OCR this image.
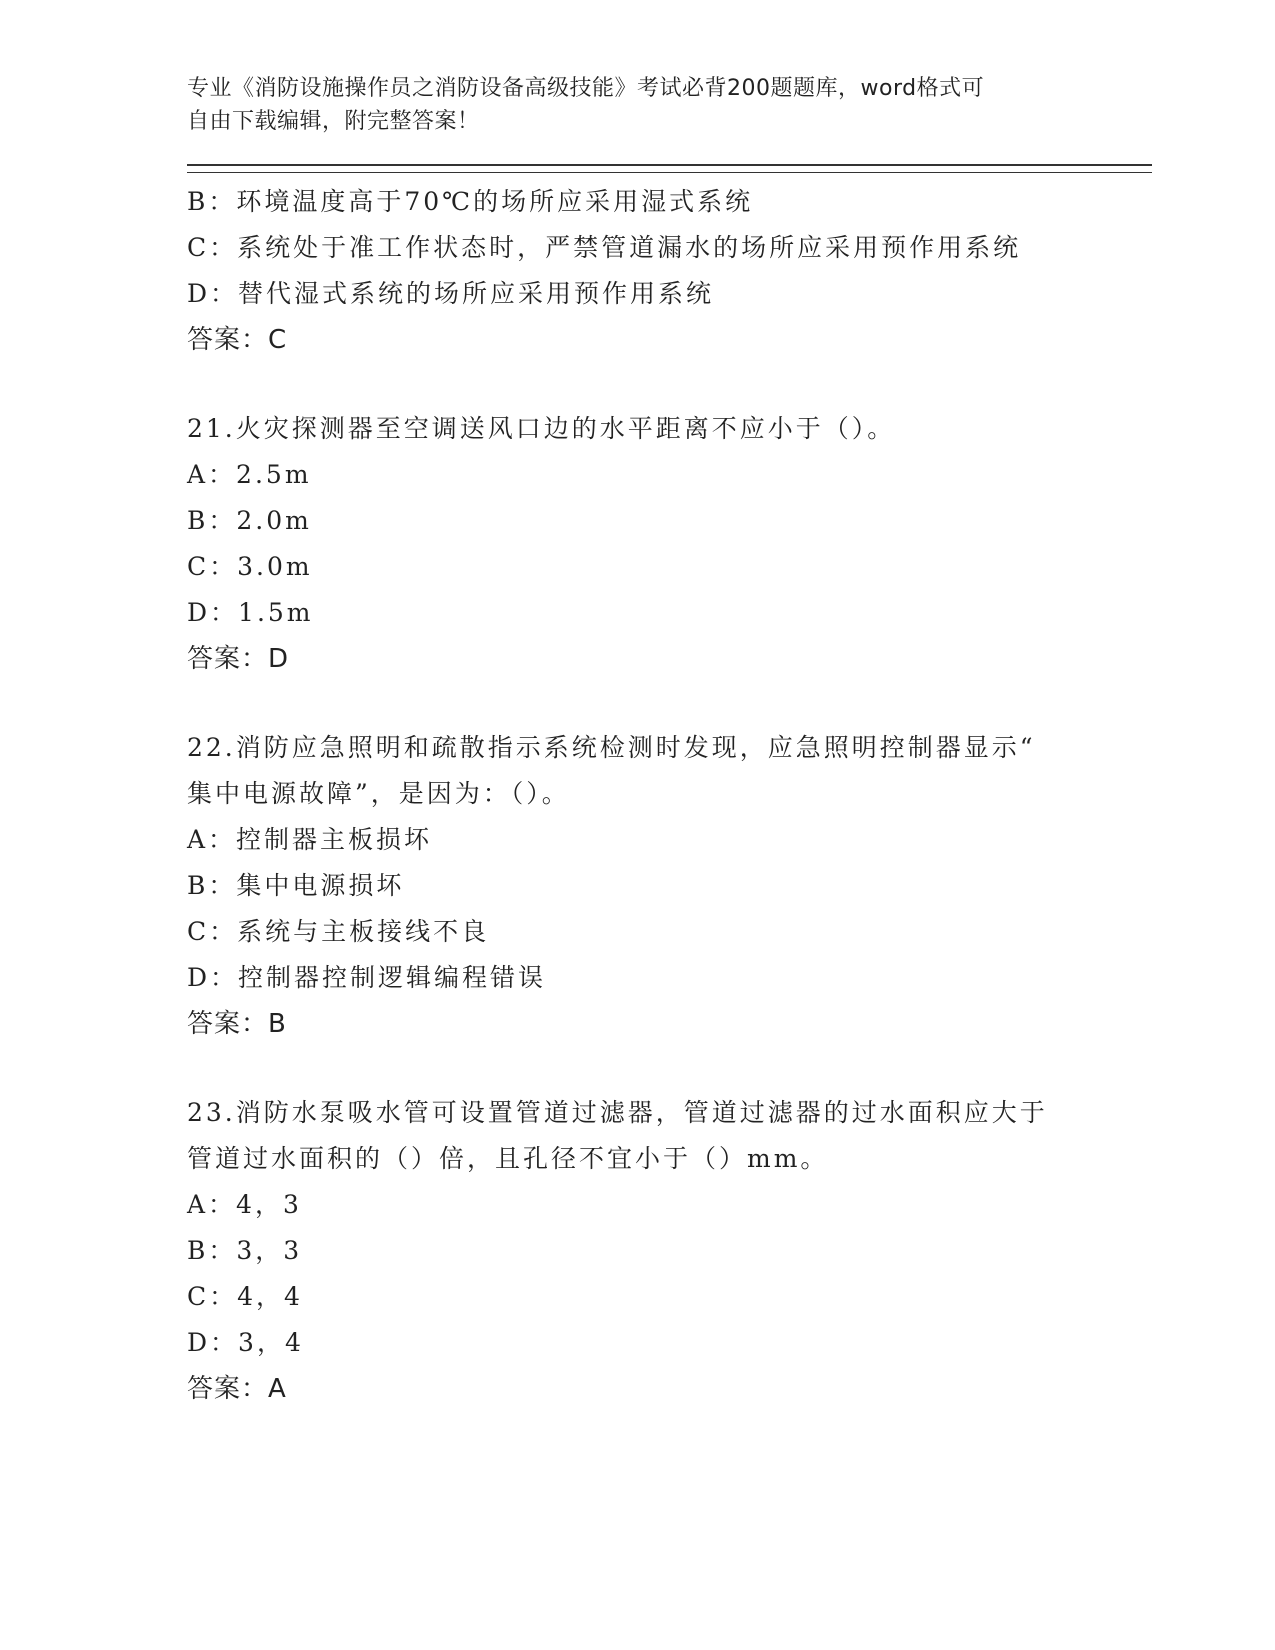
专业《消防设施操作员之消防设备高级技能》考试必背200题题库，word格式可
自由下载编辑，附完整答案！
B：环境温度高于70℃的场所应采用湿式系统
C：系统处于准工作状态时，严禁管道漏水的场所应采用预作用系统
D：替代湿式系统的场所应采用预作用系统
答案：C
21.火灾探测器至空调送风口边的水平距离不应小于（）。
A：2.5m
B：2.0m
C：3.0m
D：1.5m
答案：D
22.消防应急照明和疏散指示系统检测时发现，应急照明控制器显示“
集中电源故障”，是因为：（）。
A：控制器主板损坏
B：集中电源损坏
C：系统与主板接线不良
D：控制器控制逻辑编程错误
答案：B
23.消防水泵吸水管可设置管道过滤器，管道过滤器的过水面积应大于
管道过水面积的（）倍，且孔径不宜小于（）mm。
A：4，3
B：3，3
C：4，4
D：3，4
答案：A
